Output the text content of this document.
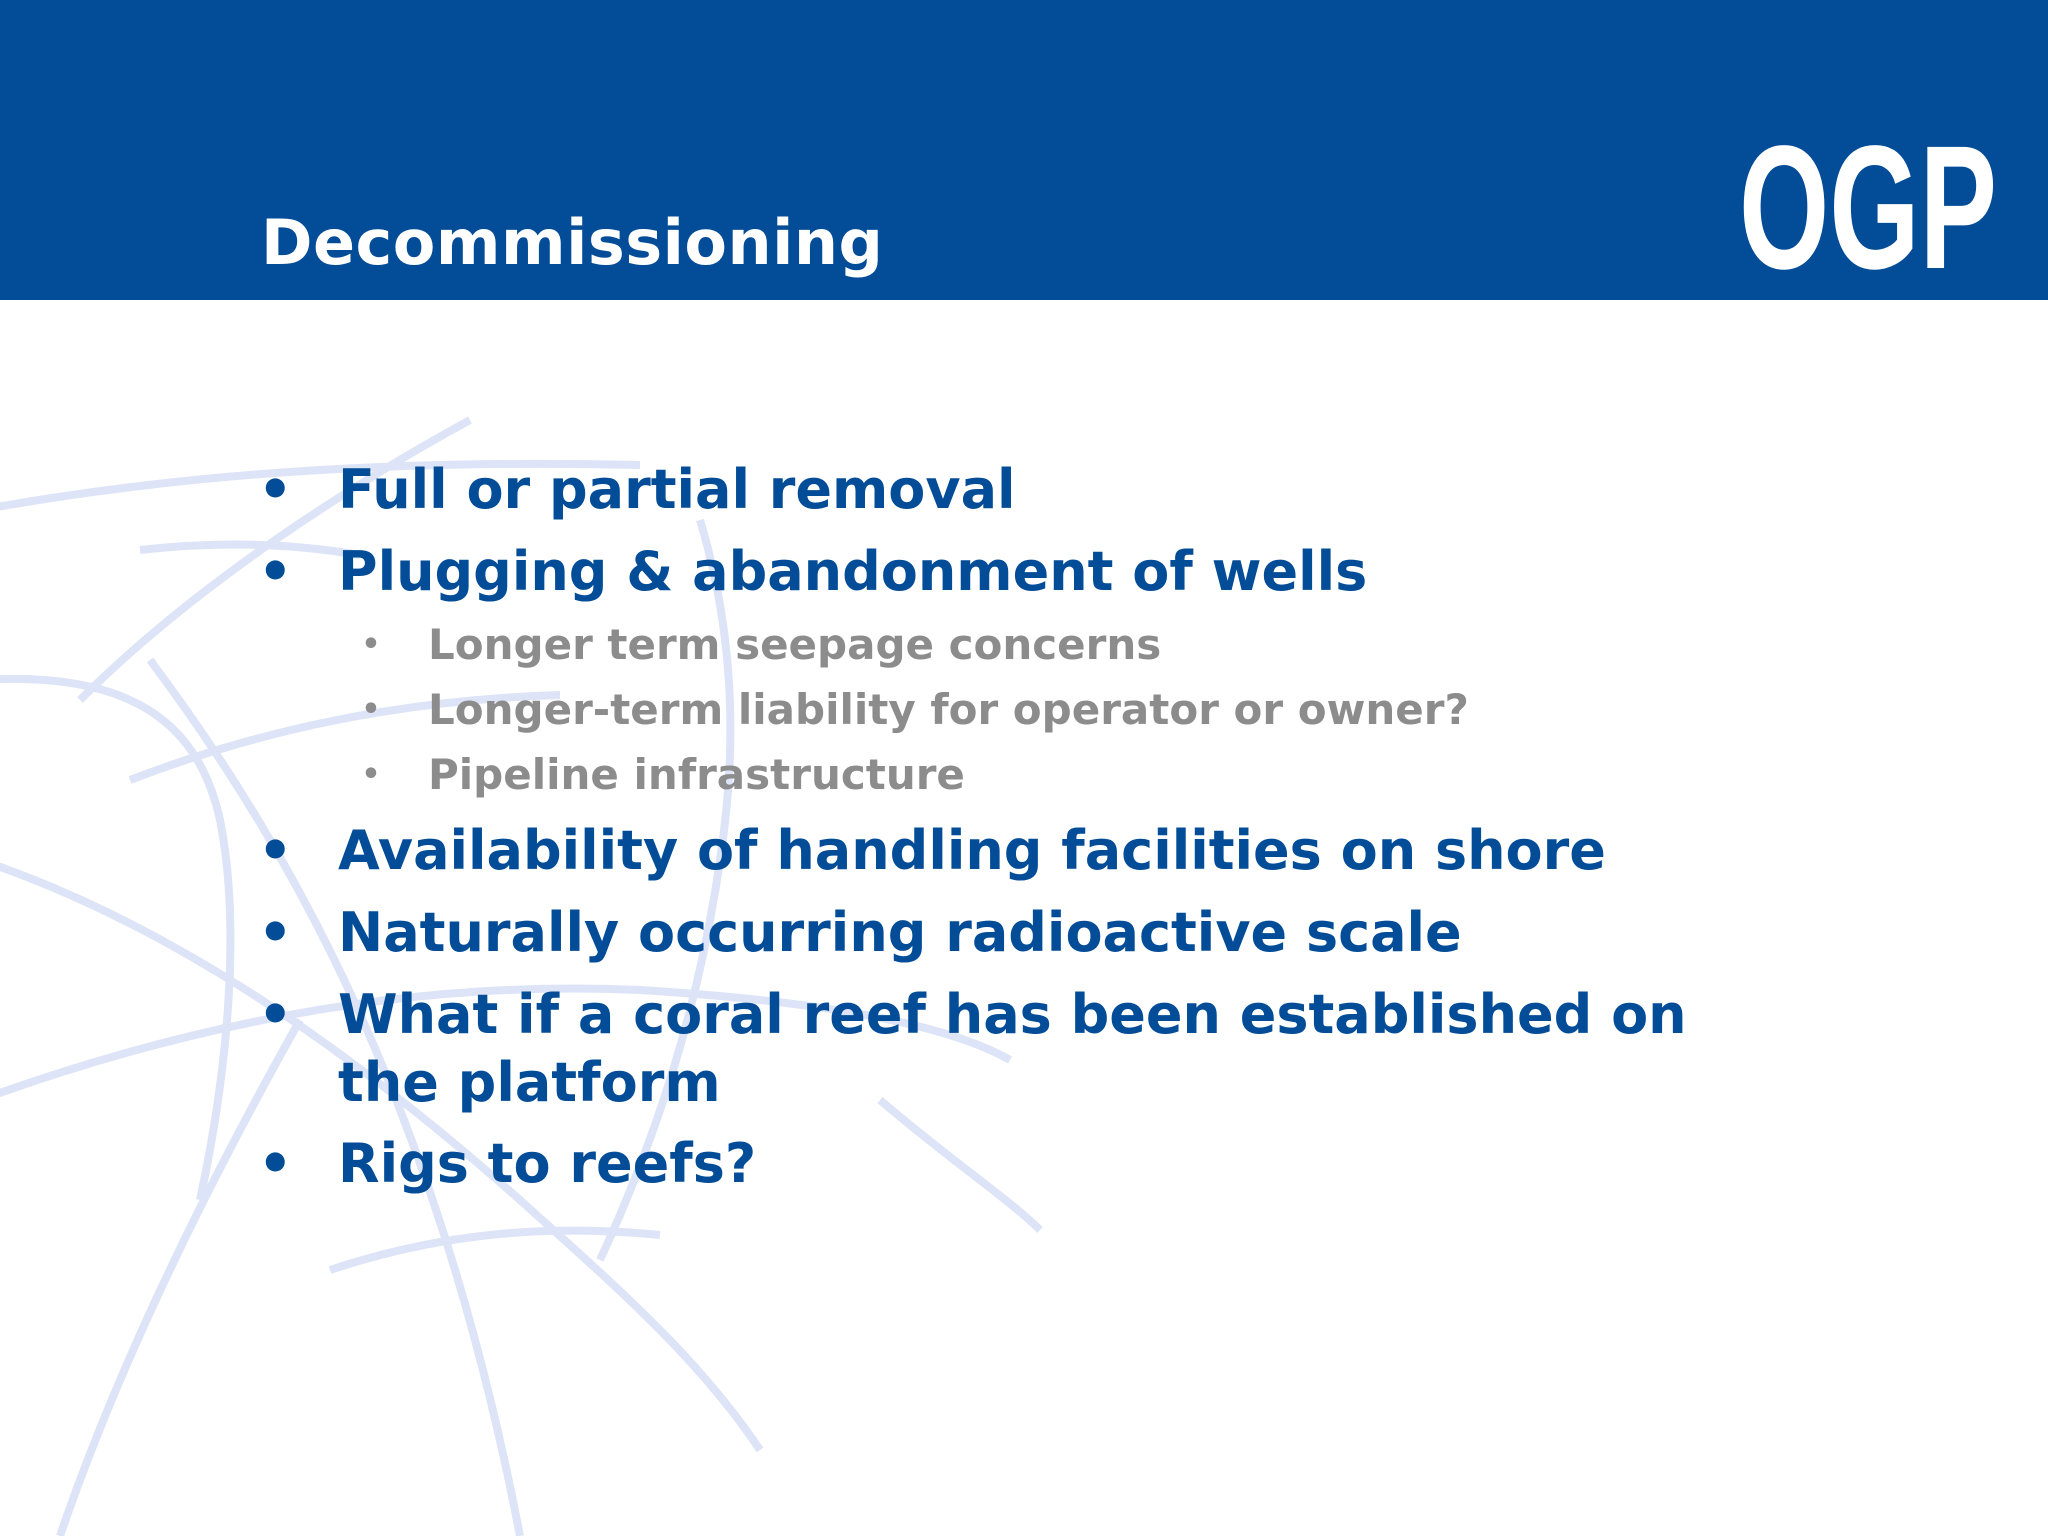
Decommissioning	OGP
• Full or partial removal
• Plugging & abandonment of wells
• Longer term seepage concerns
• Longer-term liability for operator or owner?
• Pipeline infrastructure
• Availability of handling facilities on shore
• Naturally occurring radioactive scale
• What if a coral reef has been established on
the platform
• Rigs to reefs?
